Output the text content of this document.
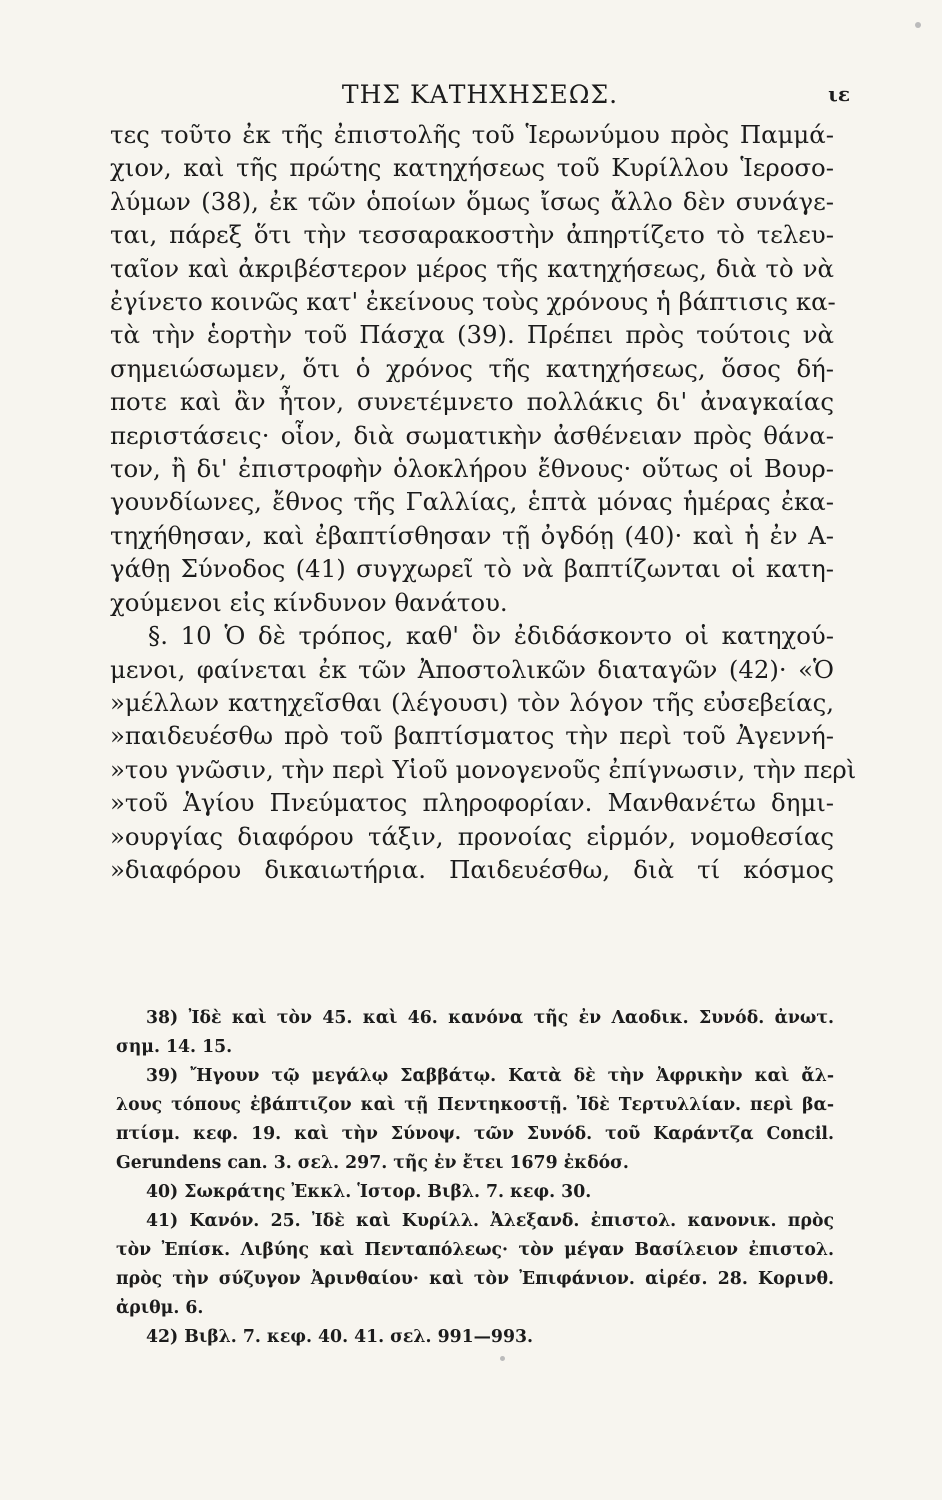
ΤΗΣ ΚΑΤΗΧΗΣΕΩΣ.	ιε
τες τοῦτο ἐκ τῆς ἐπιστολῆς τοῦ Ἱερωνύμου πρὸς Παμμά-
χιον, καὶ τῆς πρώτης κατηχήσεως τοῦ Κυρίλλου Ἱεροσο-
λύμων (38), ἐκ τῶν ὁποίων ὅμως ἴσως ἄλλο δὲν συνάγε-
ται, πάρεξ ὅτι τὴν τεσσαρακοστὴν ἀπηρτίζετο τὸ τελευ-
ταῖον καὶ ἀκριβέστερον μέρος τῆς κατηχήσεως, διὰ τὸ νὰ
ἐγίνετο κοινῶς κατ' ἐκείνους τοὺς χρόνους ἡ βάπτισις κα-
τὰ τὴν ἑορτὴν τοῦ Πάσχα (39). Πρέπει πρὸς τούτοις νὰ
σημειώσωμεν, ὅτι ὁ χρόνος τῆς κατηχήσεως, ὅσος δή-
ποτε καὶ ἂν ἦτον, συνετέμνετο πολλάκις δι' ἀναγκαίας
περιστάσεις· οἷον, διὰ σωματικὴν ἀσθένειαν πρὸς θάνα-
τον, ἢ δι' ἐπιστροφὴν ὁλοκλήρου ἔθνους· οὕτως οἱ Βουρ-
γουνδίωνες, ἔθνος τῆς Γαλλίας, ἑπτὰ μόνας ἡμέρας ἐκα-
τηχήθησαν, καὶ ἐβαπτίσθησαν τῇ ὀγδόῃ (40)· καὶ ἡ ἐν Α-
γάθῃ Σύνοδος (41) συγχωρεῖ τὸ νὰ βαπτίζωνται οἱ κατη-
χούμενοι εἰς κίνδυνον θανάτου.
§. 10 Ὁ δὲ τρόπος, καθ' ὃν ἐδιδάσκοντο οἱ κατηχού-
μενοι, φαίνεται ἐκ τῶν Ἀποστολικῶν διαταγῶν (42)· «Ὁ
»μέλλων κατηχεῖσθαι (λέγουσι) τὸν λόγον τῆς εὐσεβείας,
»παιδευέσθω πρὸ τοῦ βαπτίσματος τὴν περὶ τοῦ Ἀγεννή-
»του γνῶσιν, τὴν περὶ Υἱοῦ μονογενοῦς ἐπίγνωσιν, τὴν περὶ
»τοῦ Ἁγίου Πνεύματος πληροφορίαν. Μανθανέτω δημι-
»ουργίας διαφόρου τάξιν, προνοίας εἱρμόν, νομοθεσίας
»διαφόρου δικαιωτήρια. Παιδευέσθω, διὰ τί κόσμος
38) Ἰδὲ καὶ τὸν 45. καὶ 46. κανόνα τῆς ἐν Λαοδικ. Συνόδ. ἀνωτ.
σημ. 14. 15.
39) Ἤγουν τῷ μεγάλῳ Σαββάτῳ. Κατὰ δὲ τὴν Ἀφρικὴν καὶ ἄλ-
λους τόπους ἐβάπτιζον καὶ τῇ Πεντηκοστῇ. Ἰδὲ Τερτυλλίαν. περὶ βα-
πτίσμ. κεφ. 19. καὶ τὴν Σύνοψ. τῶν Συνόδ. τοῦ Καράντζα Concil.
Gerundens can. 3. σελ. 297. τῆς ἐν ἔτει 1679 ἐκδόσ.
40) Σωκράτης Ἐκκλ. Ἱστορ. Βιβλ. 7. κεφ. 30.
41) Κανόν. 25. Ἰδὲ καὶ Κυρίλλ. Ἀλεξανδ. ἐπιστολ. κανονικ. πρὸς
τὸν Ἐπίσκ. Λιβύης καὶ Πενταπόλεως· τὸν μέγαν Βασίλειον ἐπιστολ.
πρὸς τὴν σύζυγον Ἀρινθαίου· καὶ τὸν Ἐπιφάνιον. αἱρέσ. 28. Κορινθ.
ἀριθμ. 6.
42) Βιβλ. 7. κεφ. 40. 41. σελ. 991—993.
